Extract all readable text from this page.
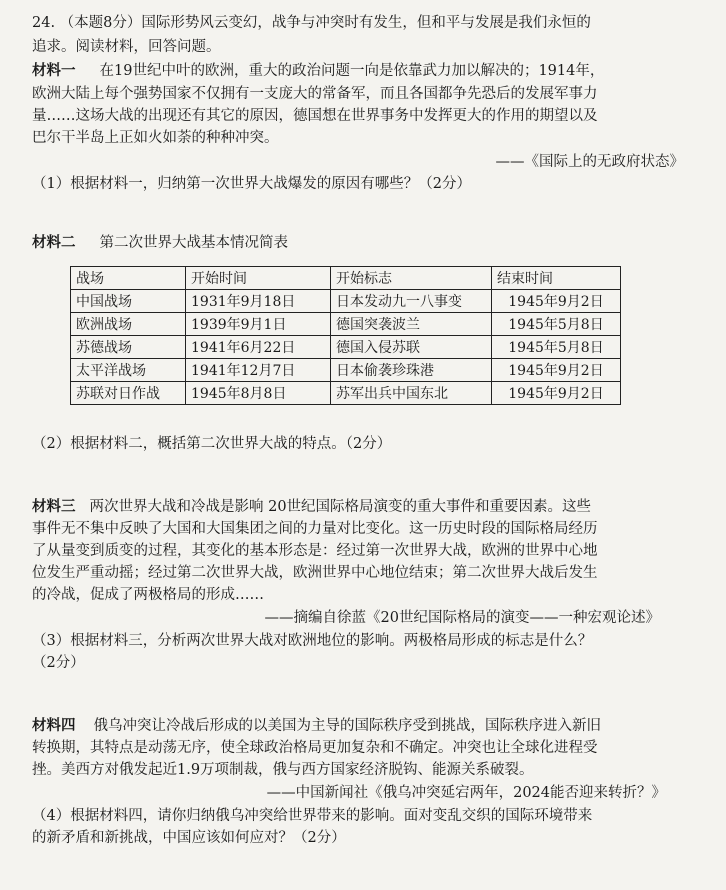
24. （本题8分）国际形势风云变幻，战争与冲突时有发生，但和平与发展是我们永恒的
追求。阅读材料，回答问题。
材料一 在19世纪中叶的欧洲，重大的政治问题一向是依靠武力加以解决的；1914年，
欧洲大陆上每个强势国家不仅拥有一支庞大的常备军，而且各国都争先恐后的发展军事力
量……这场大战的出现还有其它的原因，德国想在世界事务中发挥更大的作用的期望以及
巴尔干半岛上正如火如荼的种种冲突。
——《国际上的无政府状态》
（1）根据材料一，归纳第一次世界大战爆发的原因有哪些？（2分）
材料二 第二次世界大战基本情况简表
战场	开始时间	开始标志	结束时间
中国战场	1931年9月18日	日本发动九一八事变	1945年9月2日
欧洲战场	1939年9月1日	德国突袭波兰	1945年5月8日
苏德战场	1941年6月22日	德国入侵苏联	1945年5月8日
太平洋战场	1941年12月7日	日本偷袭珍珠港	1945年9月2日
苏联对日作战	1945年8月8日	苏军出兵中国东北	1945年9月2日
（2）根据材料二，概括第二次世界大战的特点。（2分）
材料三 两次世界大战和冷战是影响 20世纪国际格局演变的重大事件和重要因素。这些
事件无不集中反映了大国和大国集团之间的力量对比变化。这一历史时段的国际格局经历
了从量变到质变的过程，其变化的基本形态是：经过第一次世界大战，欧洲的世界中心地
位发生严重动摇；经过第二次世界大战，欧洲世界中心地位结束；第二次世界大战后发生
的冷战，促成了两极格局的形成……
——摘编自徐蓝《20世纪国际格局的演变——一种宏观论述》
（3）根据材料三，分析两次世界大战对欧洲地位的影响。两极格局形成的标志是什么？
（2分）
材料四 俄乌冲突让冷战后形成的以美国为主导的国际秩序受到挑战，国际秩序进入新旧
转换期，其特点是动荡无序，使全球政治格局更加复杂和不确定。冲突也让全球化进程受
挫。美西方对俄发起近1.9万项制裁，俄与西方国家经济脱钩、能源关系破裂。
——中国新闻社《俄乌冲突延宕两年，2024能否迎来转折？》
（4）根据材料四，请你归纳俄乌冲突给世界带来的影响。面对变乱交织的国际环境带来
的新矛盾和新挑战，中国应该如何应对？（2分）
